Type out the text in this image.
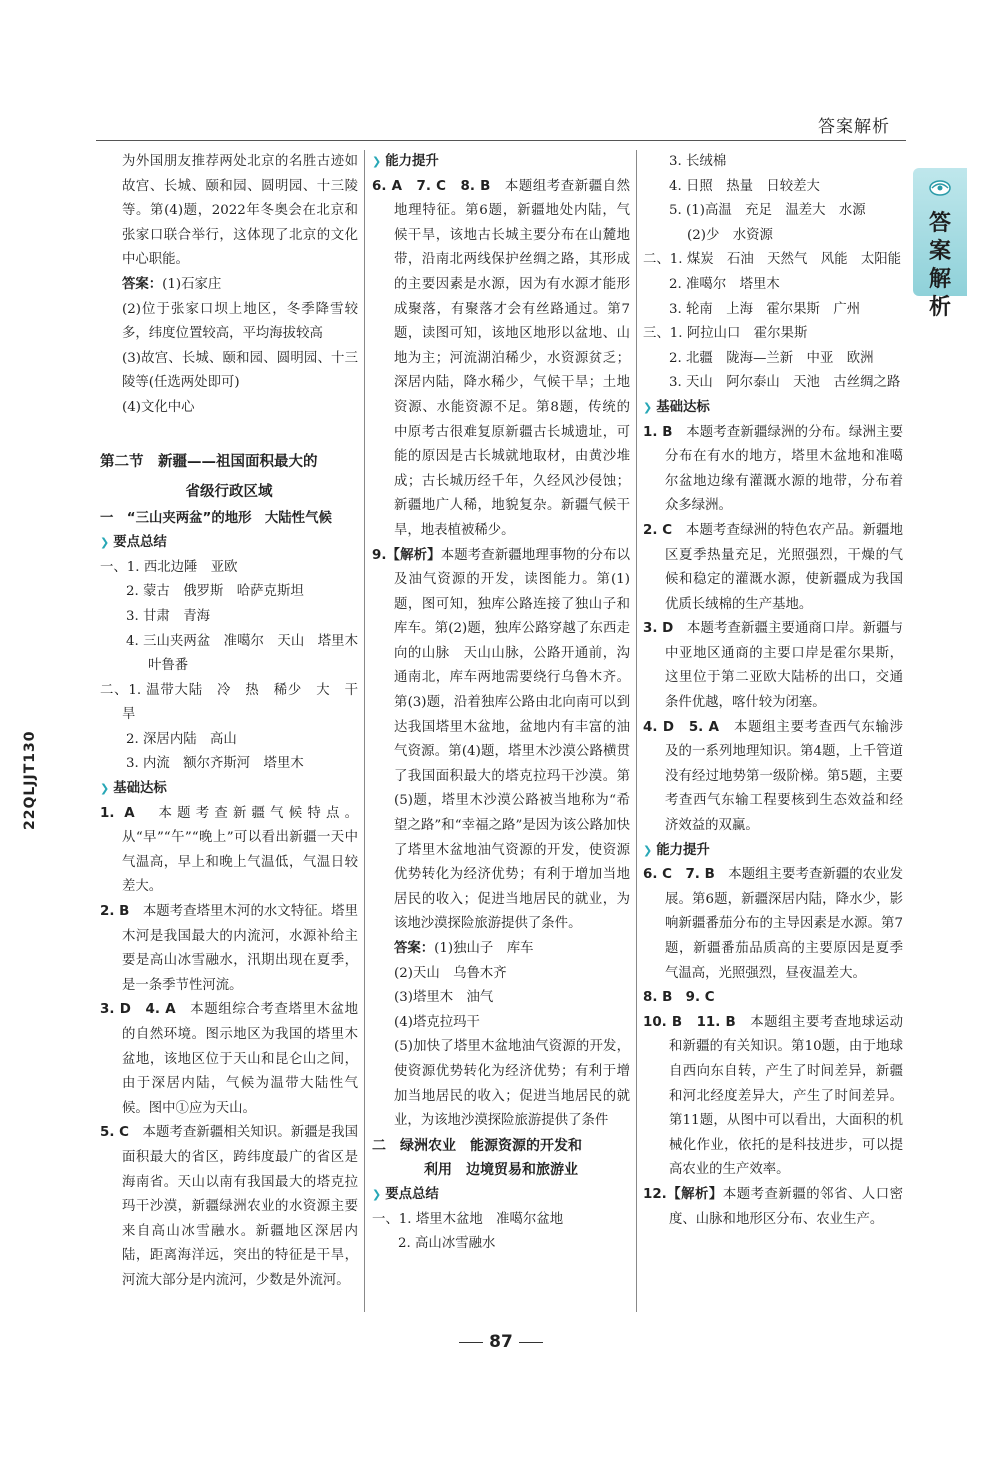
答案解析
答案解析
22QLJJT130

为外国朋友推荐两处北京的名胜古迹如故宫、长城、颐和园、圆明园、十三陵等。第(4)题，2022年冬奥会在北京和张家口联合举行，这体现了北京的文化中心职能。

答案：(1)石家庄

(2)位于张家口坝上地区，冬季降雪较多，纬度位置较高，平均海拔较高

(3)故宫、长城、颐和园、圆明园、十三陵等(任选两处即可)

(4)文化中心

第二节　新疆——祖国面积最大的

省级行政区域

一　“三山夹两盆”的地形　大陆性气候

❯ 要点总结

一、1. 西北边陲　亚欧

2. 蒙古　俄罗斯　哈萨克斯坦

3. 甘肃　青海

4. 三山夹两盆　准噶尔　天山　塔里木　叶鲁番

二、1. 温带大陆　冷　热　稀少　大　干旱

2. 深居内陆　高山

3. 内流　额尔齐斯河　塔里木

❯ 基础达标

1. A　 本题考查新疆气候特点。从“早”“午”“晚上”可以看出新疆一天中气温高，早上和晚上气温低，气温日较差大。

2. B　 本题考查塔里木河的水文特征。塔里木河是我国最大的内流河，水源补给主要是高山冰雪融水，汛期出现在夏季，是一条季节性河流。

3. D　4. A　 本题组综合考查塔里木盆地的自然环境。图示地区为我国的塔里木盆地，该地区位于天山和昆仑山之间，由于深居内陆，气候为温带大陆性气候。图中①应为天山。

5. C　 本题考查新疆相关知识。新疆是我国面积最大的省区，跨纬度最广的省区是海南省。天山以南有我国最大的塔克拉玛干沙漠，新疆绿洲农业的水资源主要来自高山冰雪融水。新疆地区深居内陆，距离海洋远，突出的特征是干旱，河流大部分是内流河，少数是外流河。

❯ 能力提升

6. A　7. C　8. B　 本题组考查新疆自然地理特征。第6题，新疆地处内陆，气候干旱，该地古长城主要分布在山麓地带，沿南北两线保护丝绸之路，其形成的主要因素是水源，因为有水源才能形成聚落，有聚落才会有丝路通过。第7题，读图可知，该地区地形以盆地、山地为主；河流湖泊稀少，水资源贫乏；深居内陆，降水稀少，气候干旱；土地资源、水能资源不足。第8题，传统的中原考古很难复原新疆古长城遗址，可能的原因是古长城就地取材，由黄沙堆成；古长城历经千年，久经风沙侵蚀；新疆地广人稀，地貌复杂。新疆气候干旱，地表植被稀少。

9.【解析】本题考查新疆地理事物的分布以及油气资源的开发，读图能力。第(1)题，图可知，独库公路连接了独山子和库车。第(2)题，独库公路穿越了东西走向的山脉　天山山脉，公路开通前，沟通南北，库车两地需要绕行乌鲁木齐。第(3)题，沿着独库公路由北向南可以到达我国塔里木盆地，盆地内有丰富的油气资源。第(4)题，塔里木沙漠公路横贯了我国面积最大的塔克拉玛干沙漠。第(5)题，塔里木沙漠公路被当地称为“希望之路”和“幸福之路”是因为该公路加快了塔里木盆地油气资源的开发，使资源优势转化为经济优势；有利于增加当地居民的收入；促进当地居民的就业，为该地沙漠探险旅游提供了条件。

答案：(1)独山子　库车

(2)天山　乌鲁木齐

(3)塔里木　油气

(4)塔克拉玛干

(5)加快了塔里木盆地油气资源的开发，使资源优势转化为经济优势；有利于增加当地居民的收入；促进当地居民的就业，为该地沙漠探险旅游提供了条件

二　绿洲农业　能源资源的开发和

利用　边境贸易和旅游业

❯ 要点总结

一、1. 塔里木盆地　准噶尔盆地

2. 高山冰雪融水

3. 长绒棉

4. 日照　热量　日较差大

5. (1)高温　充足　温差大　水源

(2)少　水资源

二、1. 煤炭　石油　天然气　风能　太阳能

2. 准噶尔　塔里木

3. 轮南　上海　霍尔果斯　广州

三、1. 阿拉山口　霍尔果斯

2. 北疆　陇海—兰新　中亚　欧洲

3. 天山　阿尔泰山　天池　古丝绸之路

❯ 基础达标

1. B　 本题考查新疆绿洲的分布。绿洲主要分布在有水的地方，塔里木盆地和准噶尔盆地边缘有灌溉水源的地带，分布着众多绿洲。

2. C　 本题考查绿洲的特色农产品。新疆地区夏季热量充足，光照强烈，干燥的气候和稳定的灌溉水源，使新疆成为我国优质长绒棉的生产基地。

3. D　 本题考查新疆主要通商口岸。新疆与中亚地区通商的主要口岸是霍尔果斯，这里位于第二亚欧大陆桥的出口，交通条件优越，喀什较为闭塞。

4. D　5. A　 本题组主要考查西气东输涉及的一系列地理知识。第4题，上千管道没有经过地势第一级阶梯。第5题，主要考查西气东输工程要核到生态效益和经济效益的双赢。

❯ 能力提升

6. C　7. B　 本题组主要考查新疆的农业发展。第6题，新疆深居内陆，降水少，影响新疆番茄分布的主导因素是水源。第7题，新疆番茄品质高的主要原因是夏季气温高，光照强烈，昼夜温差大。

8. B　9. C

10. B　11. B　 本题组主要考查地球运动和新疆的有关知识。第10题，由于地球自西向东自转，产生了时间差异，新疆和河北经度差异大，产生了时间差异。第11题，从图中可以看出，大面积的机械化作业，依托的是科技进步，可以提高农业的生产效率。

12.【解析】本题考查新疆的邻省、人口密度、山脉和地形区分布、农业生产。

87
